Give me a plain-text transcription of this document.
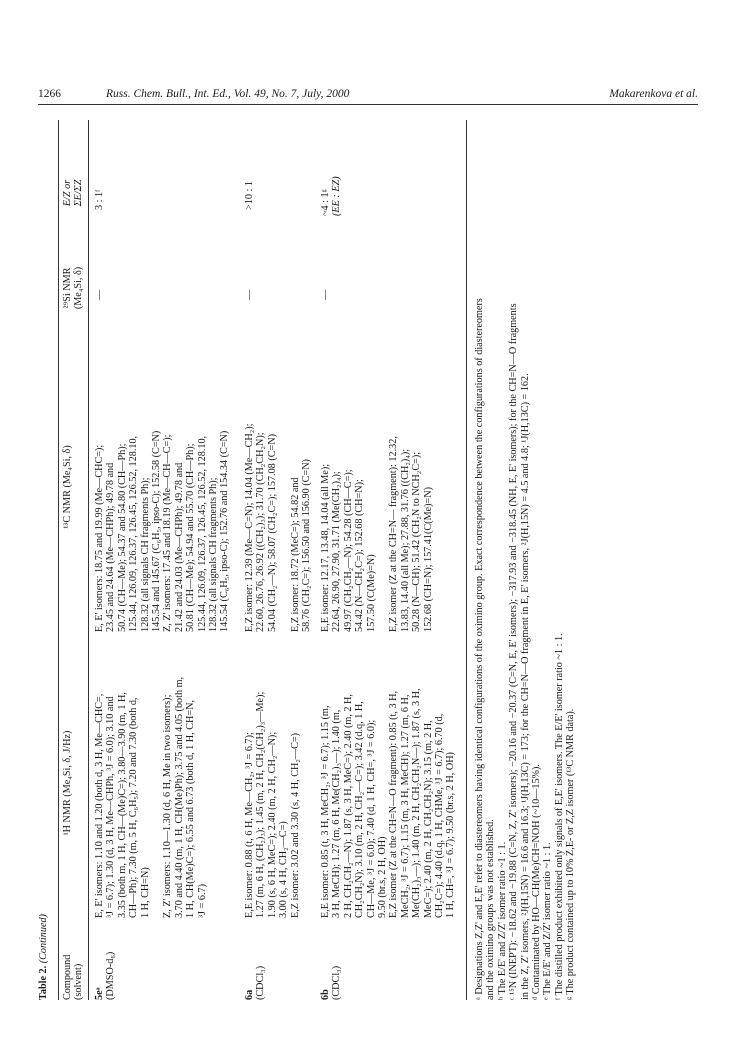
1266	Russ. Chem. Bull., Int. Ed., Vol. 49, No. 7, July, 2000	Makarenkova et al.
Table 2. (Continued)
Compound (solvent)
¹H NMR (Me₄Si, δ, J/Hz)
¹³C NMR (Me₄Si, δ)
²⁹Si NMR (Me₄Si, δ)
E/Z or ΣE/ΣZ
5eᵃ (DMSO-d₆)
E, E' isomers: 1.10 and 1.20 (both d, 3 H, Me—CHC=, ³J = 6.7); 1.30 (d, 3 H, Me—CHPh, ³J = 6.0); 3.10 and 3.35 (both m, 1 H, CH—(Me)C=); 3.80—3.90 (m, 1 H, CH—Ph); 7.30 (m, 5 H, C₆H₅); 7.20 and 7.30 (both d, 1 H, CH=N)
Z, Z' isomers: 1.10—1.30 (d, 6 H, Me in two isomers); 3.70 and 4.40 (m, 1 H, CH(Me)Ph); 3.75 and 4.05 (both m, 1 H, CH(Me)C=); 6.55 and 6.73 (both d, 1 H, CH=N, ³J = 6.7)
E, E' isomers: 18.75 and 19.99 (Me—CHC=); 23.45 and 24.64 (Me—CHPh); 49.78 and 50.74 (CH—Me); 54.37 and 54.80 (CH—Ph); 125.44, 126.09, 126.37, 126.45, 126.52, 128.10, 128.32 (all signals CH fragments Ph); 145.54 and 145.67 (C₆H₅, ipso-C); 152.58 (C=N) Z, Z' isomers: 17.45 and 18.19 (Me—CH—C=); 21.42 and 24.03 (Me—CHPh); 49.78 and 50.81 (CH—Me); 54.94 and 55.70 (CH—Ph); 125.44, 126.09, 126.37, 126.45, 126.52, 128.10, 128.32 (all signals CH fragments Ph); 145.54 (C₆H₅, ipso-C); 152.76 and 154.34 (C=N)
—
3 : 1ᶠ
6a (CDCl₃)
E,E isomer: 0.88 (t, 6 H, Me—CH₂, ³J = 6.7); 1.27 (m, 6 H, (CH₂)₃); 1.45 (m, 2 H, CH₂(CH₂)₃—Me); 1.90 (s, 6 H, MeC=); 2.40 (m, 2 H, CH₂—N); 3.00 (s, 4 H, CH₂—C=) E,Z isomer: 3.02 and 3.30 (s, 4 H, CH₂—C=)
E,Z isomer: 12.39 (Me—C=N); 14.04 (Me—CH₂); 22.60, 26.76, 26.92 ((CH₂)₃); 31.70 (CH₂CH₂N); 54.04 (CH₂—N); 58.07 (CH₂C=); 157.08 (C=N)
E,Z isomer: 18.72 (MeC=); 54.82 and 58.76 (CH₂C=); 156.50 and 156.90 (C=N)
—
>10 : 1
6b (CDCl₃)
E,E isomer: 0.85 (t, 3 H, MeCH₂, ³J = 6.7); 1.15 (m, 3 H, MeCH); 1.27 (m, 6 H, Me(CH₂)₃—); 1.40 (m, 2 H, CH₂CH₂—N); 1.87 (s, 3 H, MeC=); 2.40 (m, 2 H, CH₂CH₂N); 3.10 (m, 2 H, CH₂—C=); 3.42 (d.q, 1 H, CH—Me, ³J = 6.0); 7.40 (d, 1 H, CH=, ³J = 6.0); 9.50 (br.s, 2 H, OH) E,Z isomer (Z at the CH=N—O fragment): 0.85 (t, 3 H, MeCH₂, ³J = 6.7); 1.15 (m, 3 H, MeCH); 1.27 (m, 6 H, Me(CH₂)₃—); 1.40 (m, 2 H, CH₂CH₂N—); 1.87 (s, 3 H, MeC=); 2.40 (m, 2 H, CH₂CH₂N); 3.15 (m, 2 H, CH₂C=); 4.40 (d.q, 1 H, CHMe, ³J = 6.7); 6.70 (d, 1 H, CH=, ³J = 6.7); 9.50 (br.s, 2 H, OH)
E,E isomer: 12.17, 13.48, 14.04 (all Me); 22.64, 26.90, 27.90, 31.71 (Me(CH₂)₄); 49.97 (CH₂CH₂—N); 54.28 (CH—C=); 54.42 (N—CH₂C=); 152.68 (CH=N); 157.50 (C(Me)=N)
E,Z isomer (Z at the CH=N— fragment): 12.32, 13.83, 14.40 (all Me); 27.88, 31.76 ((CH₂)₄); 50.28 (N—CH); 51.42 (CH₂N to NCH₂C=); 152.68 (CH=N); 157.41(C(Me)=N)
—
~4 : 1ᵍ (EE : EZ)
ᵃ Designations Z,Z' and E,E' refer to diastereomers having identical configurations of the oximino group. Exact correspondence between the configurations of diastereomers and the oximino groups was not established. ᵇ The E/E' and Z/Z' isomer ratio ~1 : 1. ᶜ ¹⁵N (INEPT): −18.62 and −19.88 (C=N, Z, Z' isomers); −20.16 and −20.37 (C=N, E, E' isomers); −317.93 and −318.45 (NH, E, E' isomers); for the CH=N—O fragments in the Z, Z' isomers, ²J(H,15N) = 16.6 and 16.3; ¹J(H,13C) = 173; for the CH=N—O fragment in E, E' isomers, ²J(H,15N) = 4.5 and 4.8; ¹J(H,13C) = 162. ᵈ Contaminated by HO—CH(Me)CH=NOH (~10—15%). ᵉ The E/E' and Z/Z' isomer ratio ~1 : 1. ᶠ The distilled product exhibited only signals of E,E' isomers. The E/E' isomer ratio ~1 : 1. ᵍ The product contained up to 10% Z,E- or Z,Z isomer (¹³C NMR data).
